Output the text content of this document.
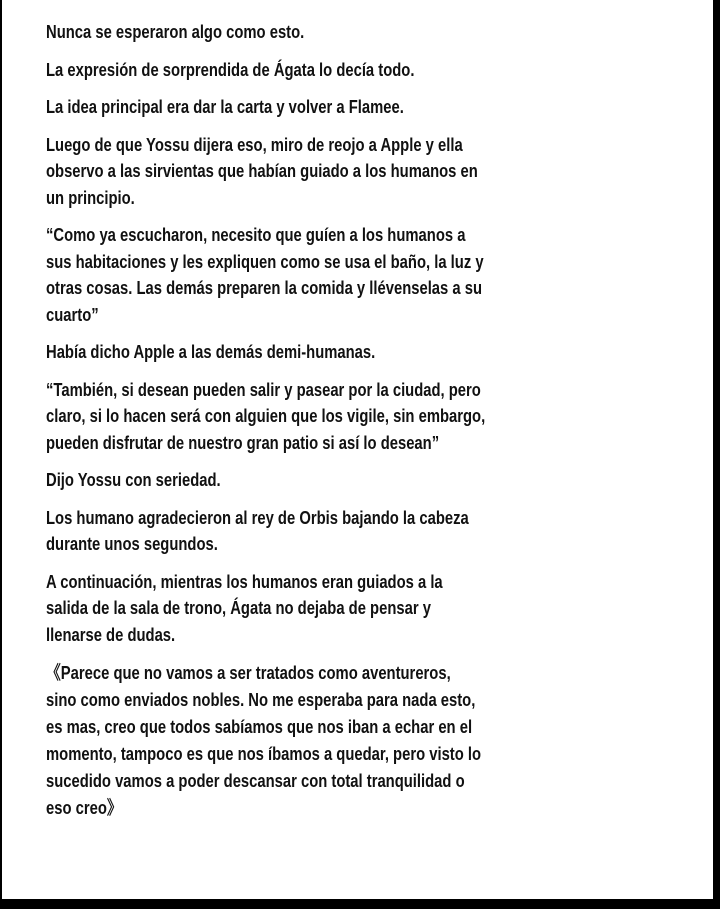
Nunca se esperaron algo como esto.
La expresión de sorprendida de Ágata lo decía todo.
La idea principal era dar la carta y volver a Flamee.
Luego de que Yossu dijera eso, miro de reojo a Apple y ella
observo a las sirvientas que habían guiado a los humanos en
un principio.
“Como ya escucharon, necesito que guíen a los humanos a
sus habitaciones y les expliquen como se usa el baño, la luz y
otras cosas. Las demás preparen la comida y llévenselas a su
cuarto”
Había dicho Apple a las demás demi-humanas.
“También, si desean pueden salir y pasear por la ciudad, pero
claro, si lo hacen será con alguien que los vigile, sin embargo,
pueden disfrutar de nuestro gran patio si así lo desean”
Dijo Yossu con seriedad.
Los humano agradecieron al rey de Orbis bajando la cabeza
durante unos segundos.
A continuación, mientras los humanos eran guiados a la
salida de la sala de trono, Ágata no dejaba de pensar y
llenarse de dudas.
《Parece que no vamos a ser tratados como aventureros,
sino como enviados nobles. No me esperaba para nada esto,
es mas, creo que todos sabíamos que nos iban a echar en el
momento, tampoco es que nos íbamos a quedar, pero visto lo
sucedido vamos a poder descansar con total tranquilidad o
eso creo》
